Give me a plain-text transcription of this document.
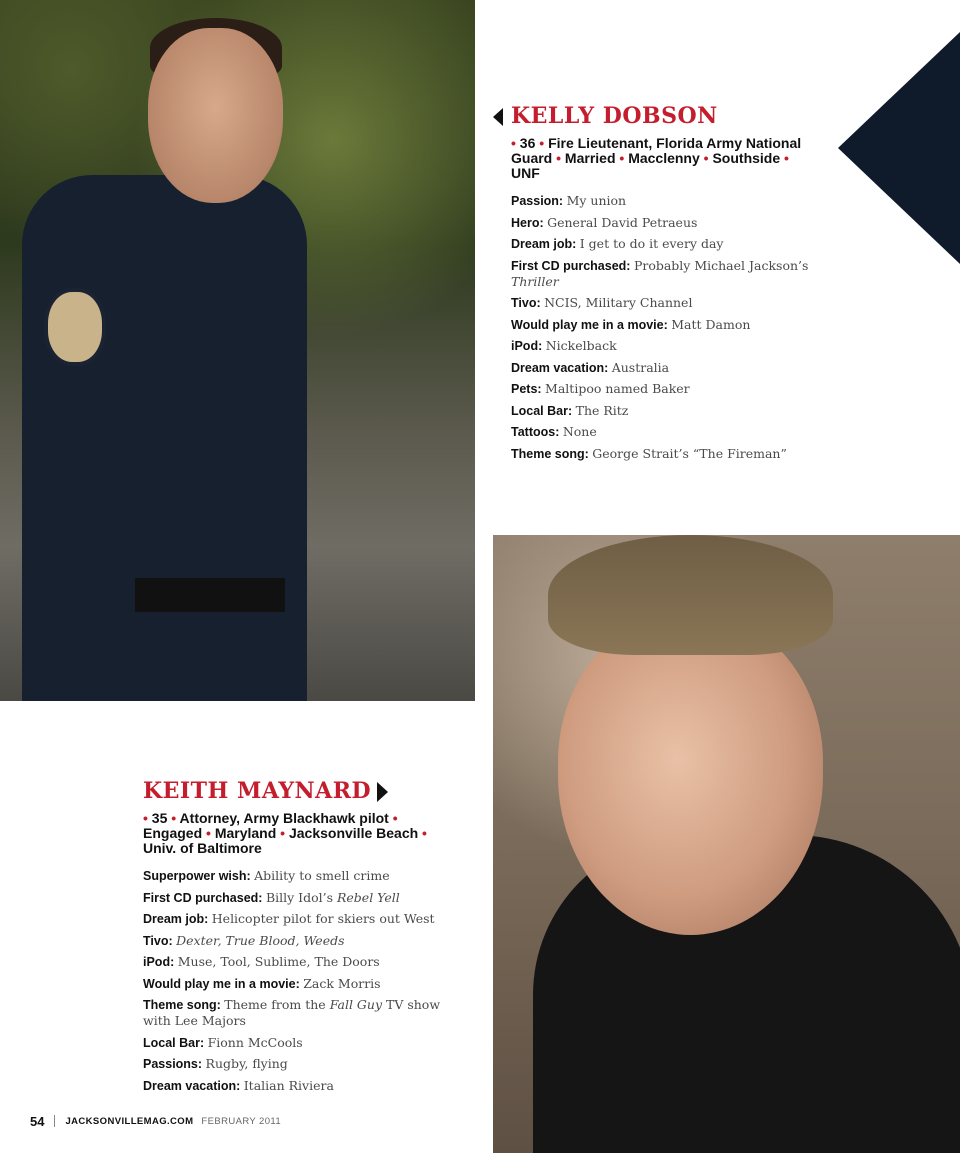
KELLY DOBSON
• 36 • Fire Lieutenant, Florida Army National Guard • Married • Macclenny • Southside • UNF
Passion: My union
Hero: General David Petraeus
Dream job: I get to do it every day
First CD purchased: Probably Michael Jackson’s Thriller
Tivo: NCIS, Military Channel
Would play me in a movie: Matt Damon
iPod: Nickelback
Dream vacation: Australia
Pets: Maltipoo named Baker
Local Bar: The Ritz
Tattoos: None
Theme song: George Strait’s “The Fireman”
KEITH MAYNARD
• 35 • Attorney, Army Blackhawk pilot • Engaged • Maryland • Jacksonville Beach • Univ. of Baltimore
Superpower wish: Ability to smell crime
First CD purchased: Billy Idol’s Rebel Yell
Dream job: Helicopter pilot for skiers out West
Tivo: Dexter, True Blood, Weeds
iPod: Muse, Tool, Sublime, The Doors
Would play me in a movie: Zack Morris
Theme song: Theme from the Fall Guy TV show with Lee Majors
Local Bar: Fionn McCools
Passions: Rugby, flying
Dream vacation: Italian Riviera
54 JACKSONVILLEMAG.COM FEBRUARY 2011
